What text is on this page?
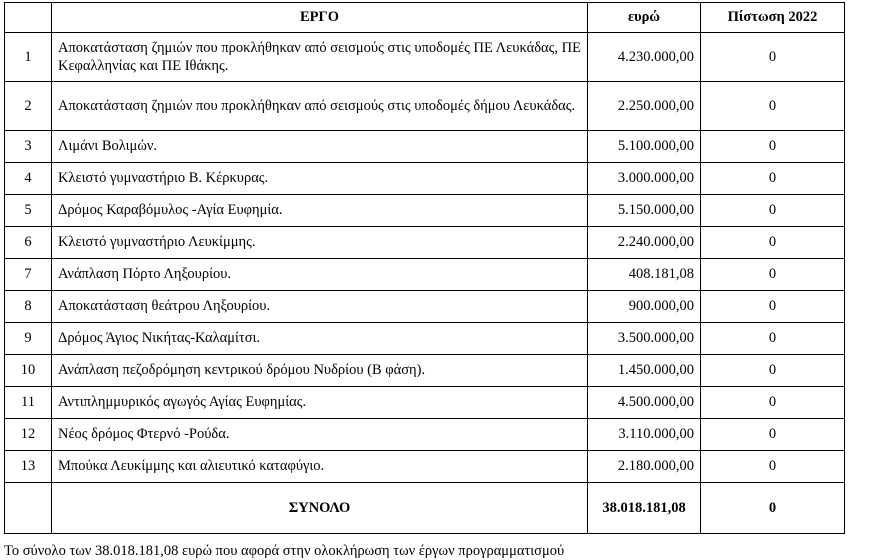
	ΕΡΓΟ	ευρώ	Πίστωση 2022
1	Αποκατάσταση ζημιών που προκλήθηκαν από σεισμούς στις υποδομές ΠΕ Λευκάδας, ΠΕ Κεφαλληνίας και ΠΕ Ιθάκης.	4.230.000,00	0
2	Αποκατάσταση ζημιών που προκλήθηκαν από σεισμούς στις υποδομές δήμου Λευκάδας.	2.250.000,00	0
3	Λιμάνι Βολιμών.	5.100.000,00	0
4	Κλειστό γυμναστήριο Β. Κέρκυρας.	3.000.000,00	0
5	Δρόμος Καραβόμυλος -Αγία Ευφημία.	5.150.000,00	0
6	Κλειστό γυμναστήριο Λευκίμμης.	2.240.000,00	0
7	Ανάπλαση Πόρτο Ληξουρίου.	408.181,08	0
8	Αποκατάσταση θεάτρου Ληξουρίου.	900.000,00	0
9	Δρόμος Άγιος Νικήτας-Καλαμίτσι.	3.500.000,00	0
10	Ανάπλαση πεζοδρόμηση κεντρικού δρόμου Νυδρίου (Β φάση).	1.450.000,00	0
11	Αντιπλημμυρικός αγωγός Αγίας Ευφημίας.	4.500.000,00	0
12	Νέος δρόμος Φτερνό -Ρούδα.	3.110.000,00	0
13	Μπούκα Λευκίμμης και αλιευτικό καταφύγιο.	2.180.000,00	0
	ΣΥΝΟΛΟ	38.018.181,08	0
Το σύνολο των 38.018.181,08 ευρώ που αφορά στην ολοκλήρωση των έργων προγραμματισμού
